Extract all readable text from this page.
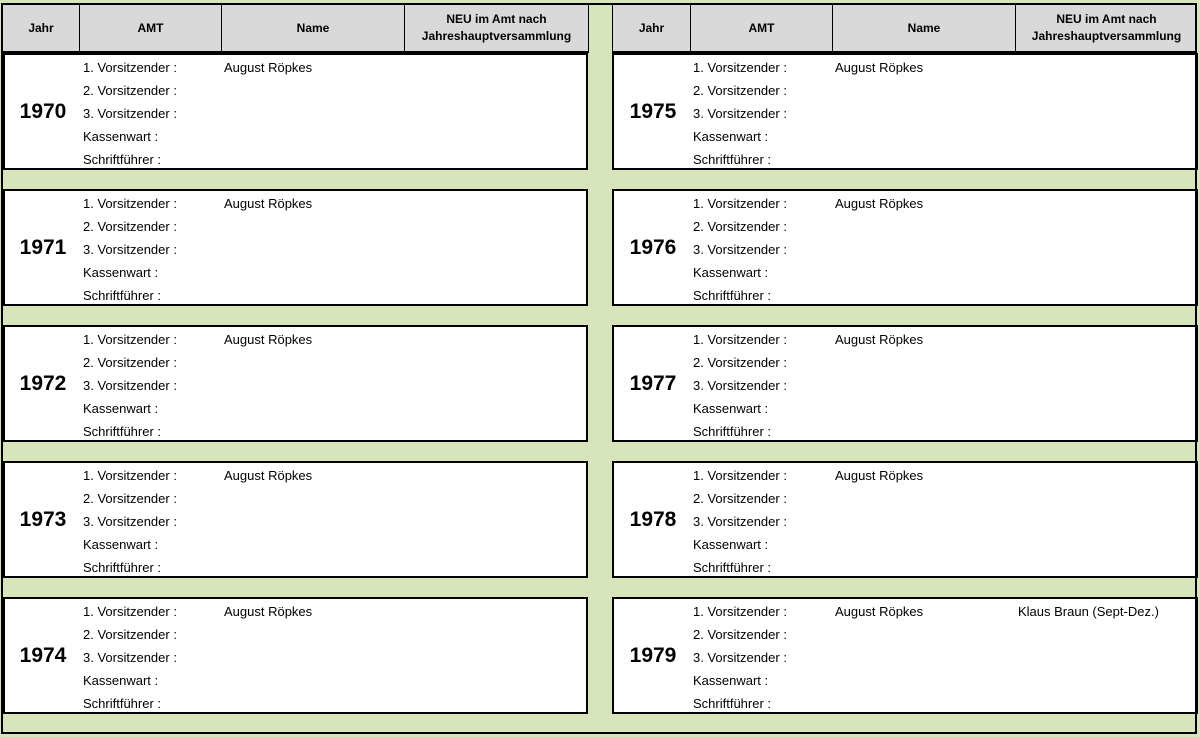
Jahr	AMT	Name
NEU im Amt nach
Jahreshauptversammlung
Jahr	AMT	Name
NEU im Amt nach
Jahreshauptversammlung
1970
1. Vorsitzender :	August Röpkes
2. Vorsitzender :
3. Vorsitzender :
Kassenwart :
Schriftführer :
1971
1. Vorsitzender :	August Röpkes
2. Vorsitzender :
3. Vorsitzender :
Kassenwart :
Schriftführer :
1972
1. Vorsitzender :	August Röpkes
2. Vorsitzender :
3. Vorsitzender :
Kassenwart :
Schriftführer :
1973
1. Vorsitzender :	August Röpkes
2. Vorsitzender :
3. Vorsitzender :
Kassenwart :
Schriftführer :
1974
1. Vorsitzender :	August Röpkes
2. Vorsitzender :
3. Vorsitzender :
Kassenwart :
Schriftführer :
1975
1. Vorsitzender :	August Röpkes
2. Vorsitzender :
3. Vorsitzender :
Kassenwart :
Schriftführer :
1976
1. Vorsitzender :	August Röpkes
2. Vorsitzender :
3. Vorsitzender :
Kassenwart :
Schriftführer :
1977
1. Vorsitzender :	August Röpkes
2. Vorsitzender :
3. Vorsitzender :
Kassenwart :
Schriftführer :
1978
1. Vorsitzender :	August Röpkes
2. Vorsitzender :
3. Vorsitzender :
Kassenwart :
Schriftführer :
1979
1. Vorsitzender :	August Röpkes	Klaus Braun (Sept-Dez.)
2. Vorsitzender :
3. Vorsitzender :
Kassenwart :
Schriftführer :
